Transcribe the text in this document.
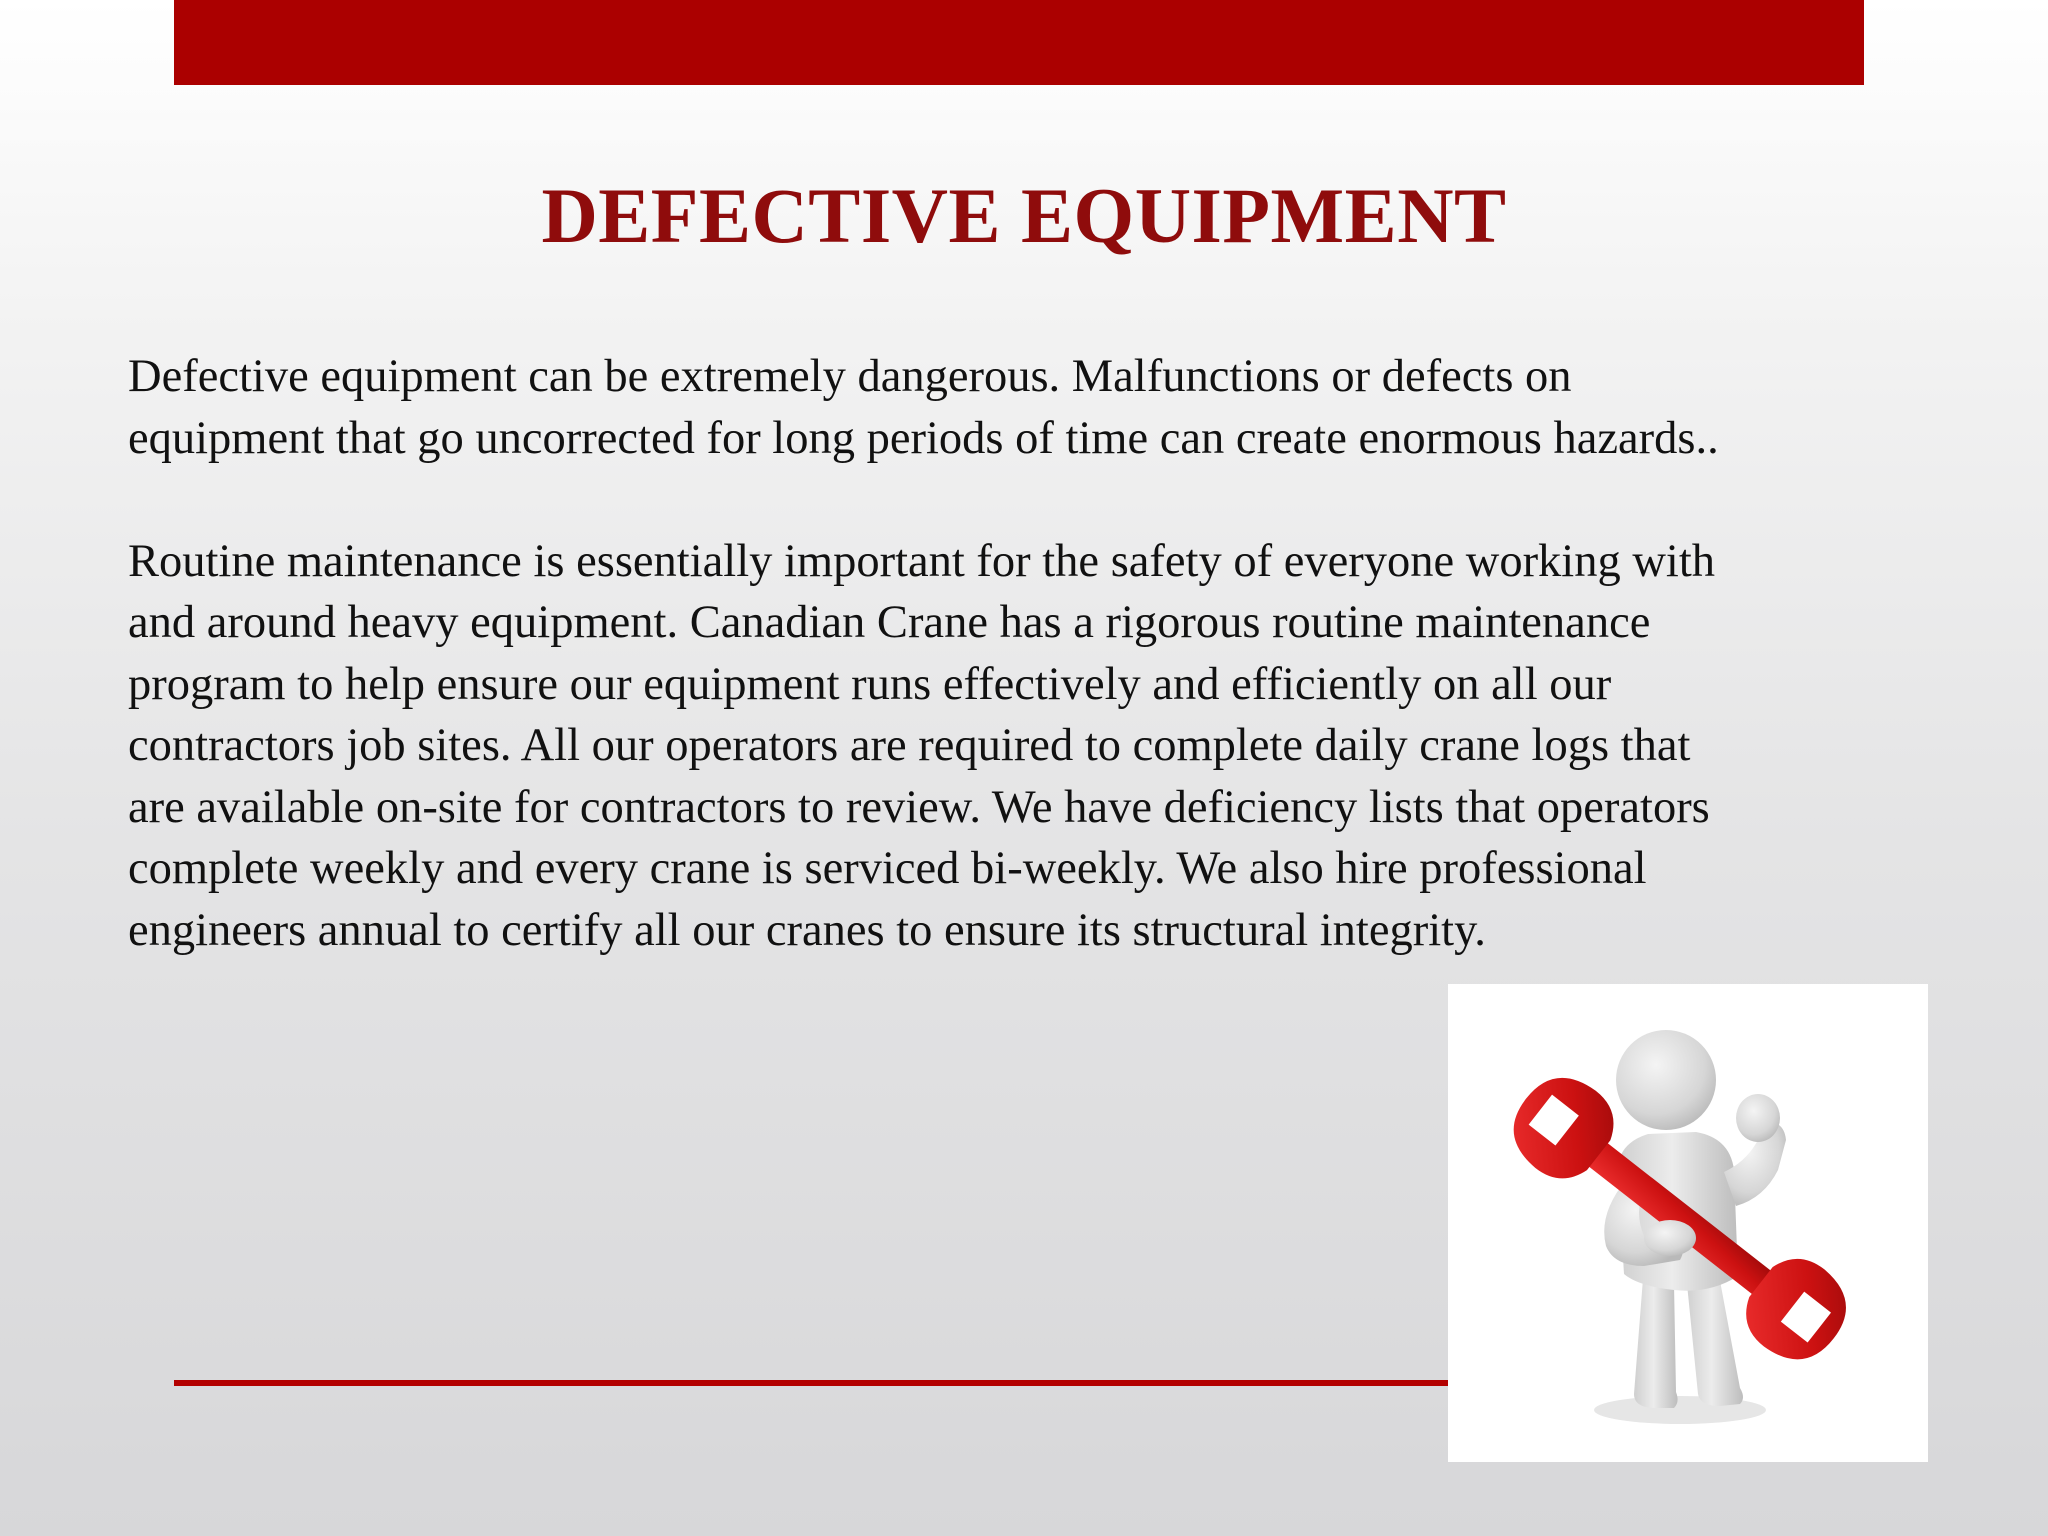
DEFECTIVE EQUIPMENT

Defective equipment can be extremely dangerous. Malfunctions or defects on

equipment that go uncorrected for long periods of time can create enormous hazards..

Routine maintenance is essentially important for the safety of everyone working with

and around heavy equipment. Canadian Crane has a rigorous routine maintenance

program to help ensure our equipment runs effectively and efficiently on all our

contractors job sites. All our operators are required to complete daily crane logs that

are available on-site for contractors to review. We have deficiency lists that operators

complete weekly and every crane is serviced bi-weekly. We also hire professional

engineers annual to certify all our cranes to ensure its structural integrity.
